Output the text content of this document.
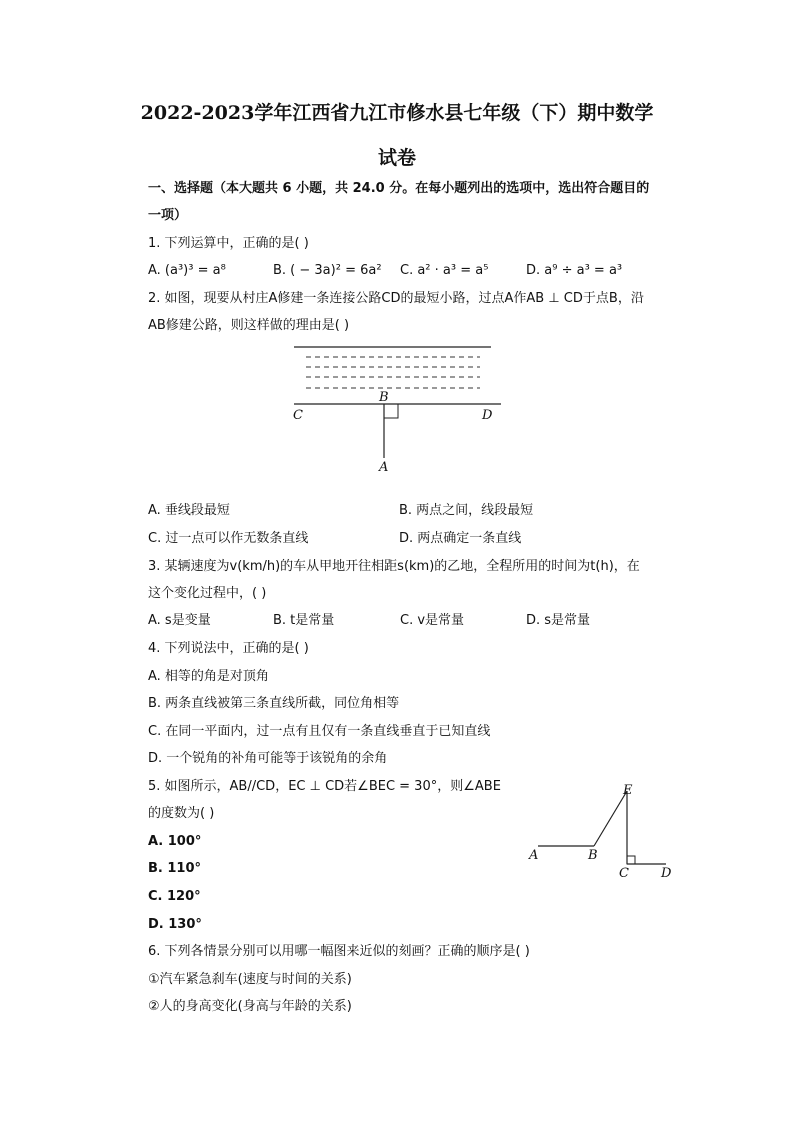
2022-2023学年江西省九江市修水县七年级（下）期中数学
试卷
一、选择题（本大题共 6 小题，共 24.0 分。在每小题列出的选项中，选出符合题目的
一项）
1. 下列运算中，正确的是( )
A. (a³)³ = a⁸	B. ( − 3a)² = 6a² C. a² · a³ = a⁵	D. a⁹ ÷ a³ = a³
2. 如图，现要从村庄A修建一条连接公路CD的最短小路，过点A作AB ⊥ CD于点B，沿
AB修建公路，则这样做的理由是( )
C
B
D
A
A. 垂线段最短	B. 两点之间，线段最短
C. 过一点可以作无数条直线	D. 两点确定一条直线
3. 某辆速度为v(km/h)的车从甲地开往相距s(km)的乙地，全程所用的时间为t(h)，在
这个变化过程中，( )
A. s是变量	B. t是常量	C. v是常量	D. s是常量
4. 下列说法中，正确的是( )
A. 相等的角是对顶角
B. 两条直线被第三条直线所截，同位角相等
C. 在同一平面内，过一点有且仅有一条直线垂直于已知直线
D. 一个锐角的补角可能等于该锐角的余角
5. 如图所示，AB//CD，EC ⊥ CD若∠BEC = 30°，则∠ABE
的度数为( )
A. 100°
B. 110°
C. 120°
D. 130°
E
A	B
C D
6. 下列各情景分别可以用哪一幅图来近似的刻画？正确的顺序是( )
①汽车紧急刹车(速度与时间的关系)
②人的身高变化(身高与年龄的关系)
